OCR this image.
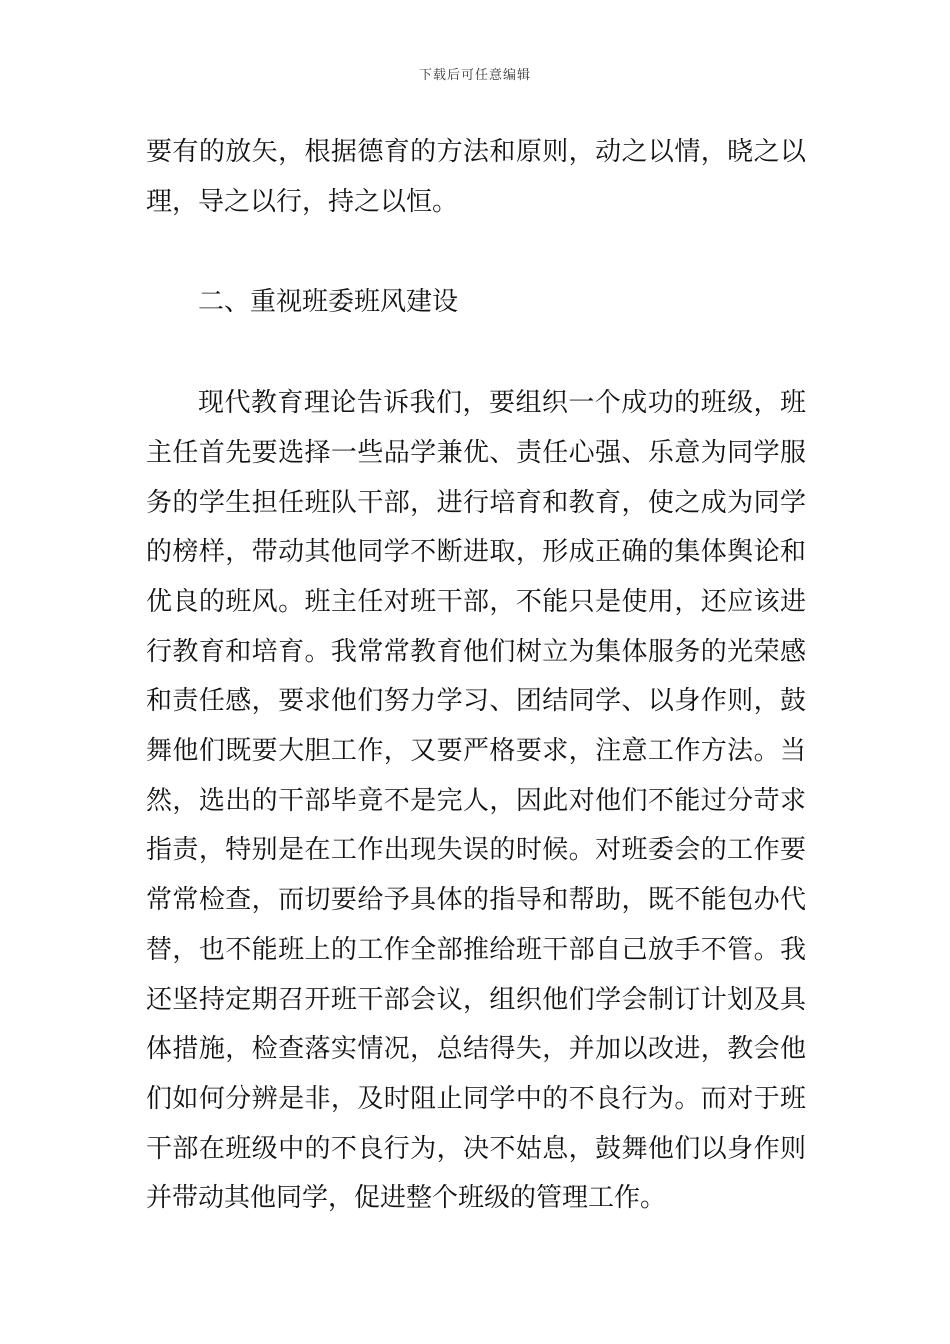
下载后可任意编辑

要有的放矢，根据德育的方法和原则，动之以情，晓之以理，导之以行，持之以恒。

二、重视班委班风建设

现代教育理论告诉我们，要组织一个成功的班级，班主任首先要选择一些品学兼优、责任心强、乐意为同学服务的学生担任班队干部，进行培育和教育，使之成为同学的榜样，带动其他同学不断进取，形成正确的集体舆论和优良的班风。班主任对班干部，不能只是使用，还应该进行教育和培育。我常常教育他们树立为集体服务的光荣感和责任感，要求他们努力学习、团结同学、以身作则，鼓舞他们既要大胆工作，又要严格要求，注意工作方法。当然，选出的干部毕竟不是完人，因此对他们不能过分苛求指责，特别是在工作出现失误的时候。对班委会的工作要常常检查，而切要给予具体的指导和帮助，既不能包办代替，也不能班上的工作全部推给班干部自己放手不管。我还坚持定期召开班干部会议，组织他们学会制订计划及具体措施，检查落实情况，总结得失，并加以改进，教会他们如何分辨是非，及时阻止同学中的不良行为。而对于班干部在班级中的不良行为，决不姑息，鼓舞他们以身作则并带动其他同学，促进整个班级的管理工作。
